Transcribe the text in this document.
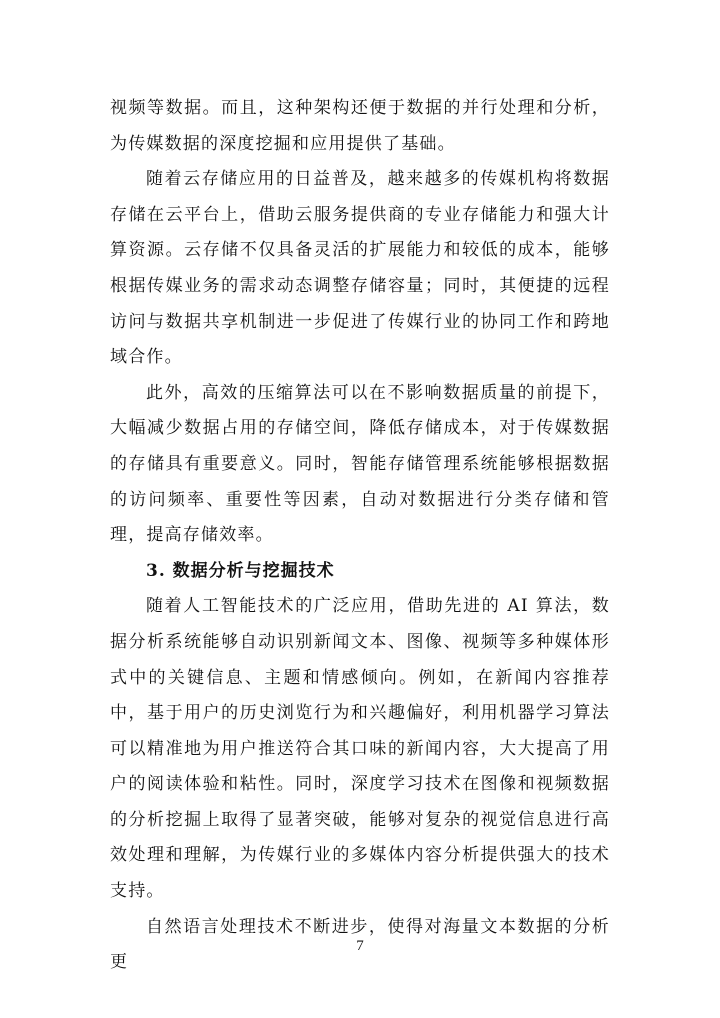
视频等数据。而且，这种架构还便于数据的并行处理和分析，为传媒数据的深度挖掘和应用提供了基础。

随着云存储应用的日益普及，越来越多的传媒机构将数据存储在云平台上，借助云服务提供商的专业存储能力和强大计算资源。云存储不仅具备灵活的扩展能力和较低的成本，能够根据传媒业务的需求动态调整存储容量；同时，其便捷的远程访问与数据共享机制进一步促进了传媒行业的协同工作和跨地域合作。

此外，高效的压缩算法可以在不影响数据质量的前提下，大幅减少数据占用的存储空间，降低存储成本，对于传媒数据的存储具有重要意义。同时，智能存储管理系统能够根据数据的访问频率、重要性等因素，自动对数据进行分类存储和管理，提高存储效率。

3. 数据分析与挖掘技术

随着人工智能技术的广泛应用，借助先进的 AI 算法，数据分析系统能够自动识别新闻文本、图像、视频等多种媒体形式中的关键信息、主题和情感倾向。例如，在新闻内容推荐中，基于用户的历史浏览行为和兴趣偏好，利用机器学习算法可以精准地为用户推送符合其口味的新闻内容，大大提高了用户的阅读体验和粘性。同时，深度学习技术在图像和视频数据的分析挖掘上取得了显著突破，能够对复杂的视觉信息进行高效处理和理解，为传媒行业的多媒体内容分析提供强大的技术支持。

自然语言处理技术不断进步，使得对海量文本数据的分析更

7
